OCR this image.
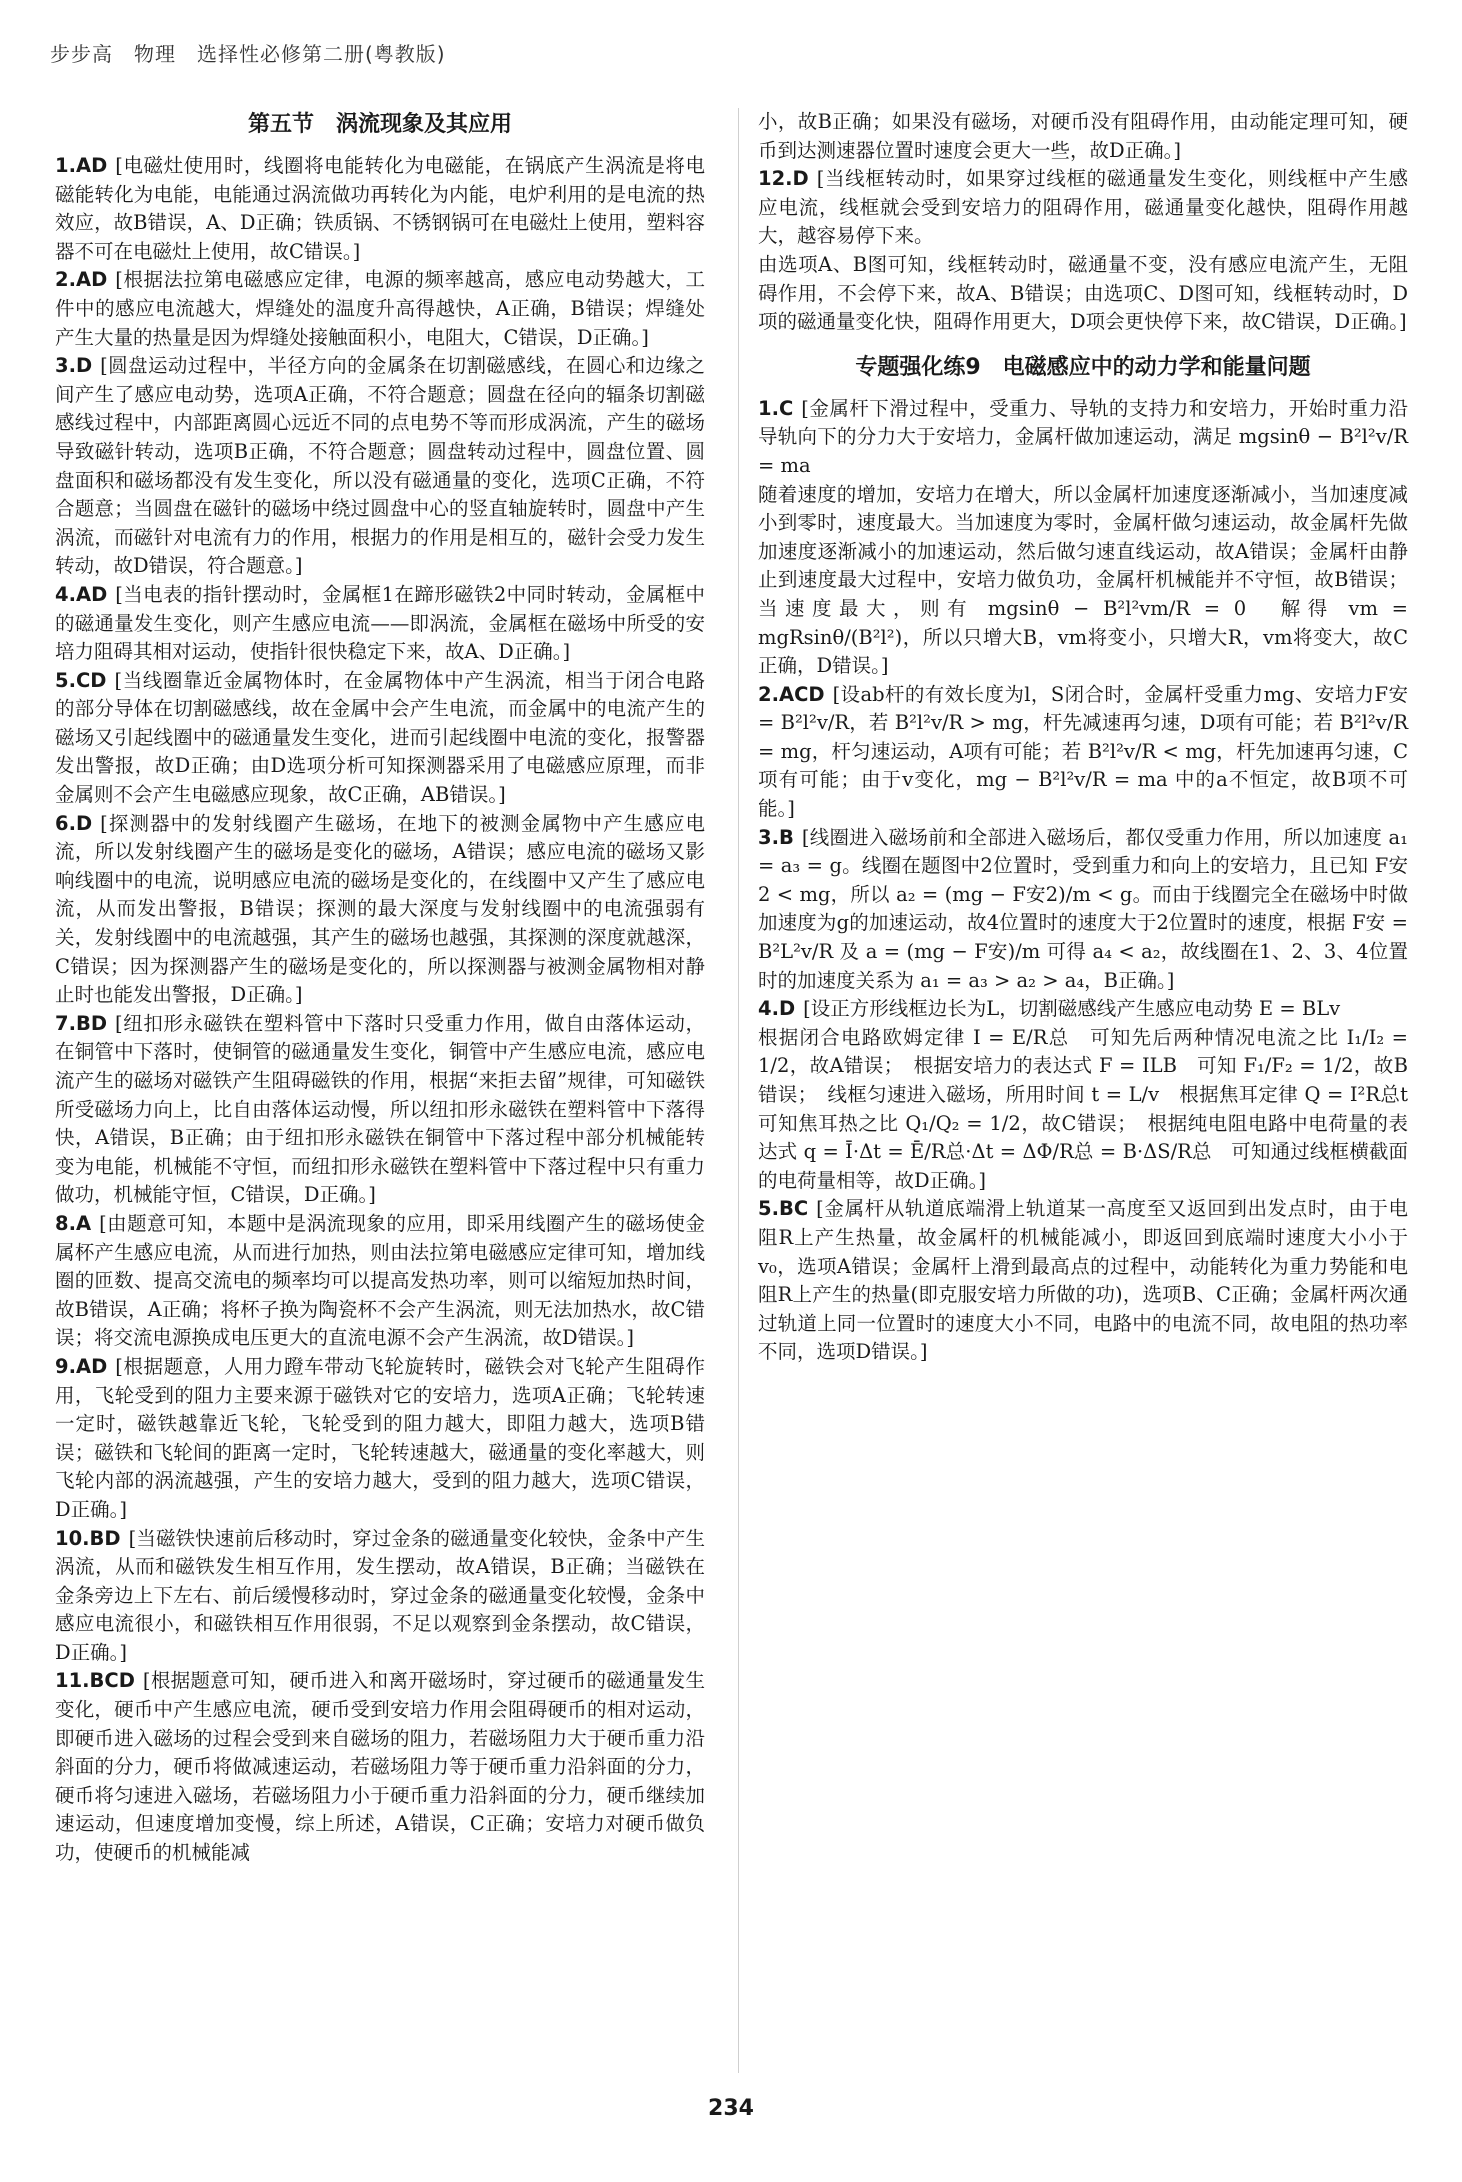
步步高　物理　选择性必修第二册(粤教版)
第五节　涡流现象及其应用

1.AD [电磁灶使用时，线圈将电能转化为电磁能，在锅底产生涡流是将电磁能转化为电能，电能通过涡流做功再转化为内能，电炉利用的是电流的热效应，故B错误，A、D正确；铁质锅、不锈钢锅可在电磁灶上使用，塑料容器不可在电磁灶上使用，故C错误。]

2.AD [根据法拉第电磁感应定律，电源的频率越高，感应电动势越大，工件中的感应电流越大，焊缝处的温度升高得越快，A正确，B错误；焊缝处产生大量的热量是因为焊缝处接触面积小，电阻大，C错误，D正确。]

3.D [圆盘运动过程中，半径方向的金属条在切割磁感线，在圆心和边缘之间产生了感应电动势，选项A正确，不符合题意；圆盘在径向的辐条切割磁感线过程中，内部距离圆心远近不同的点电势不等而形成涡流，产生的磁场导致磁针转动，选项B正确，不符合题意；圆盘转动过程中，圆盘位置、圆盘面积和磁场都没有发生变化，所以没有磁通量的变化，选项C正确，不符合题意；当圆盘在磁针的磁场中绕过圆盘中心的竖直轴旋转时，圆盘中产生涡流，而磁针对电流有力的作用，根据力的作用是相互的，磁针会受力发生转动，故D错误，符合题意。]

4.AD [当电表的指针摆动时，金属框1在蹄形磁铁2中同时转动，金属框中的磁通量发生变化，则产生感应电流——即涡流，金属框在磁场中所受的安培力阻碍其相对运动，使指针很快稳定下来，故A、D正确。]

5.CD [当线圈靠近金属物体时，在金属物体中产生涡流，相当于闭合电路的部分导体在切割磁感线，故在金属中会产生电流，而金属中的电流产生的磁场又引起线圈中的磁通量发生变化，进而引起线圈中电流的变化，报警器发出警报，故D正确；由D选项分析可知探测器采用了电磁感应原理，而非金属则不会产生电磁感应现象，故C正确，AB错误。]

6.D [探测器中的发射线圈产生磁场，在地下的被测金属物中产生感应电流，所以发射线圈产生的磁场是变化的磁场，A错误；感应电流的磁场又影响线圈中的电流，说明感应电流的磁场是变化的，在线圈中又产生了感应电流，从而发出警报，B错误；探测的最大深度与发射线圈中的电流强弱有关，发射线圈中的电流越强，其产生的磁场也越强，其探测的深度就越深，C错误；因为探测器产生的磁场是变化的，所以探测器与被测金属物相对静止时也能发出警报，D正确。]

7.BD [纽扣形永磁铁在塑料管中下落时只受重力作用，做自由落体运动，在铜管中下落时，使铜管的磁通量发生变化，铜管中产生感应电流，感应电流产生的磁场对磁铁产生阻碍磁铁的作用，根据“来拒去留”规律，可知磁铁所受磁场力向上，比自由落体运动慢，所以纽扣形永磁铁在塑料管中下落得快，A错误，B正确；由于纽扣形永磁铁在铜管中下落过程中部分机械能转变为电能，机械能不守恒，而纽扣形永磁铁在塑料管中下落过程中只有重力做功，机械能守恒，C错误，D正确。]

8.A [由题意可知，本题中是涡流现象的应用，即采用线圈产生的磁场使金属杯产生感应电流，从而进行加热，则由法拉第电磁感应定律可知，增加线圈的匝数、提高交流电的频率均可以提高发热功率，则可以缩短加热时间，故B错误，A正确；将杯子换为陶瓷杯不会产生涡流，则无法加热水，故C错误；将交流电源换成电压更大的直流电源不会产生涡流，故D错误。]

9.AD [根据题意，人用力蹬车带动飞轮旋转时，磁铁会对飞轮产生阻碍作用，飞轮受到的阻力主要来源于磁铁对它的安培力，选项A正确；飞轮转速一定时，磁铁越靠近飞轮，飞轮受到的阻力越大，即阻力越大，选项B错误；磁铁和飞轮间的距离一定时，飞轮转速越大，磁通量的变化率越大，则飞轮内部的涡流越强，产生的安培力越大，受到的阻力越大，选项C错误，D正确。]

10.BD [当磁铁快速前后移动时，穿过金条的磁通量变化较快，金条中产生涡流，从而和磁铁发生相互作用，发生摆动，故A错误，B正确；当磁铁在金条旁边上下左右、前后缓慢移动时，穿过金条的磁通量变化较慢，金条中感应电流很小，和磁铁相互作用很弱，不足以观察到金条摆动，故C错误，D正确。]

11.BCD [根据题意可知，硬币进入和离开磁场时，穿过硬币的磁通量发生变化，硬币中产生感应电流，硬币受到安培力作用会阻碍硬币的相对运动，即硬币进入磁场的过程会受到来自磁场的阻力，若磁场阻力大于硬币重力沿斜面的分力，硬币将做减速运动，若磁场阻力等于硬币重力沿斜面的分力，硬币将匀速进入磁场，若磁场阻力小于硬币重力沿斜面的分力，硬币继续加速运动，但速度增加变慢，综上所述，A错误，C正确；安培力对硬币做负功，使硬币的机械能减

小，故B正确；如果没有磁场，对硬币没有阻碍作用，由动能定理可知，硬币到达测速器位置时速度会更大一些，故D正确。]

12.D [当线框转动时，如果穿过线框的磁通量发生变化，则线框中产生感应电流，线框就会受到安培力的阻碍作用，磁通量变化越快，阻碍作用越大，越容易停下来。
由选项A、B图可知，线框转动时，磁通量不变，没有感应电流产生，无阻碍作用，不会停下来，故A、B错误；由选项C、D图可知，线框转动时，D项的磁通量变化快，阻碍作用更大，D项会更快停下来，故C错误，D正确。]

专题强化练9　电磁感应中的动力学和能量问题

1.C [金属杆下滑过程中，受重力、导轨的支持力和安培力，开始时重力沿导轨向下的分力大于安培力，金属杆做加速运动，满足 mgsinθ − B²l²v/R = ma
随着速度的增加，安培力在增大，所以金属杆加速度逐渐减小，当加速度减小到零时，速度最大。当加速度为零时，金属杆做匀速运动，故金属杆先做加速度逐渐减小的加速运动，然后做匀速直线运动，故A错误；金属杆由静止到速度最大过程中，安培力做负功，金属杆机械能并不守恒，故B错误；当速度最大，则有 mgsinθ − B²l²vm/R = 0　解得 vm = mgRsinθ/(B²l²)，所以只增大B，vm将变小，只增大R，vm将变大，故C正确，D错误。]

2.ACD [设ab杆的有效长度为l，S闭合时，金属杆受重力mg、安培力F安 = B²l²v/R，若 B²l²v/R > mg，杆先减速再匀速，D项有可能；若 B²l²v/R = mg，杆匀速运动，A项有可能；若 B²l²v/R < mg，杆先加速再匀速，C项有可能；由于v变化，mg − B²l²v/R = ma 中的a不恒定，故B项不可能。]

3.B [线圈进入磁场前和全部进入磁场后，都仅受重力作用，所以加速度 a₁ = a₃ = g。线圈在题图中2位置时，受到重力和向上的安培力，且已知 F安2 < mg，所以 a₂ = (mg − F安2)/m < g。而由于线圈完全在磁场中时做加速度为g的加速运动，故4位置时的速度大于2位置时的速度，根据 F安 = B²L²v/R 及 a = (mg − F安)/m 可得 a₄ < a₂，故线圈在1、2、3、4位置时的加速度关系为 a₁ = a₃ > a₂ > a₄，B正确。]

4.D [设正方形线框边长为L，切割磁感线产生感应电动势 E = BLv
根据闭合电路欧姆定律 I = E/R总　可知先后两种情况电流之比 I₁/I₂ = 1/2，故A错误；　根据安培力的表达式 F = ILB　可知 F₁/F₂ = 1/2，故B错误；　线框匀速进入磁场，所用时间 t = L/v　根据焦耳定律 Q = I²R总t　可知焦耳热之比 Q₁/Q₂ = 1/2，故C错误；　根据纯电阻电路中电荷量的表达式 q = Ī·Δt = Ē/R总·Δt = ΔΦ/R总 = B·ΔS/R总　可知通过线框横截面的电荷量相等，故D正确。]

5.BC [金属杆从轨道底端滑上轨道某一高度至又返回到出发点时，由于电阻R上产生热量，故金属杆的机械能减小，即返回到底端时速度大小小于v₀，选项A错误；金属杆上滑到最高点的过程中，动能转化为重力势能和电阻R上产生的热量(即克服安培力所做的功)，选项B、C正确；金属杆两次通过轨道上同一位置时的速度大小不同，电路中的电流不同，故电阻的热功率不同，选项D错误。]

234
